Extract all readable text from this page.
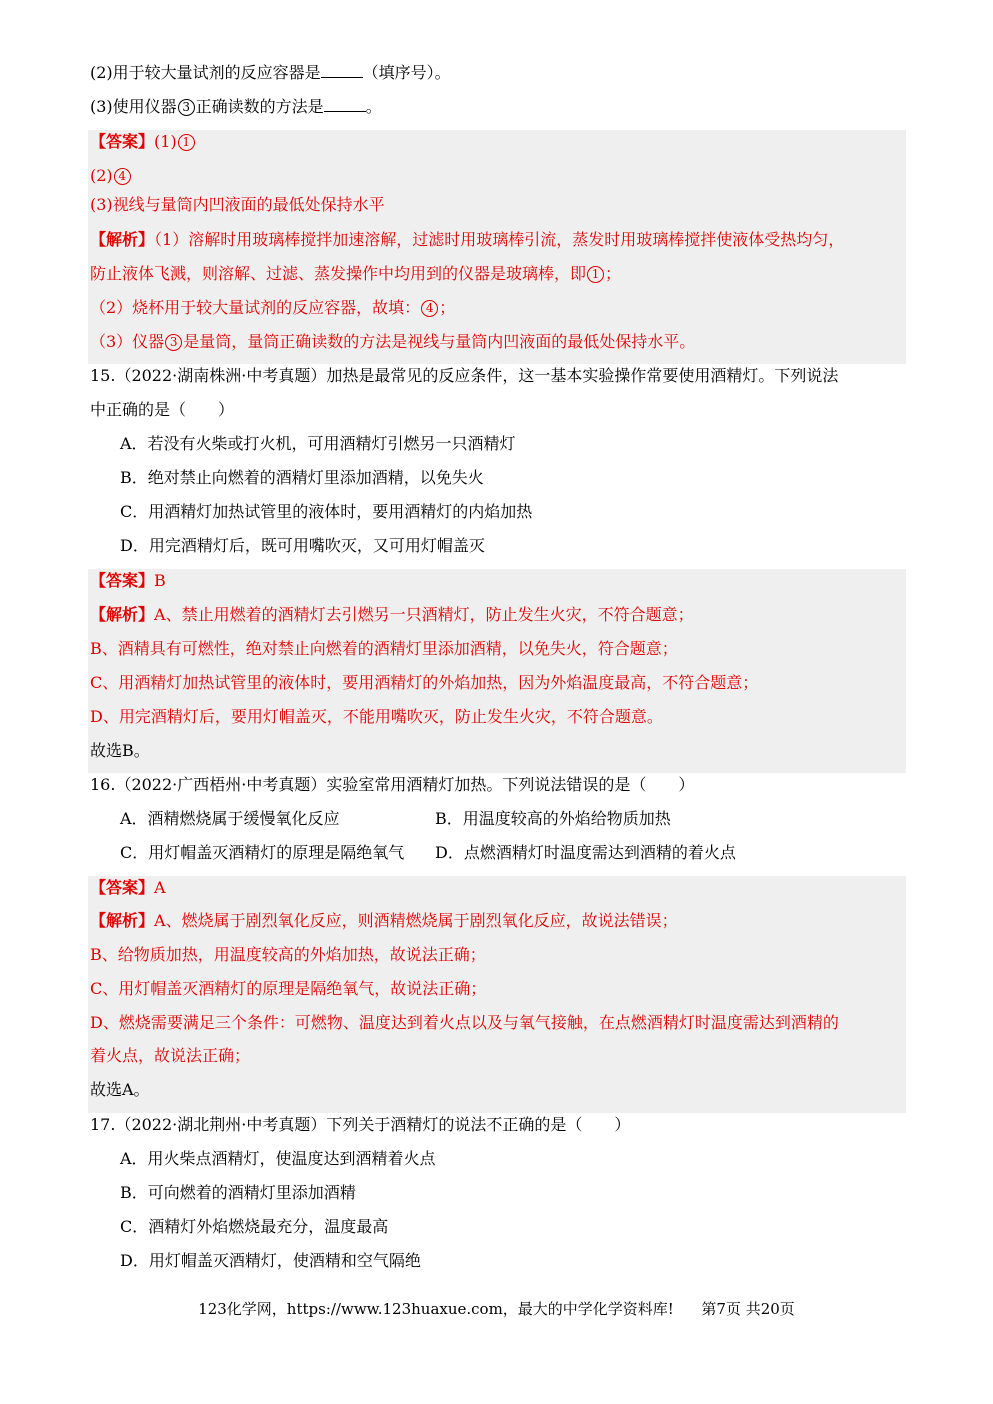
(2)用于较大量试剂的反应容器是	（填序号）。
(3)使用仪器 3 正确读数的方法是	。
【答案】(1) 1
(2) 4
(3)视线与量筒内凹液面的最低处保持水平
【解析】（1）溶解时用玻璃棒搅拌加速溶解，过滤时用玻璃棒引流，蒸发时用玻璃棒搅拌使液体受热均匀，
防止液体飞溅，则溶解、过滤、蒸发操作中均用到的仪器是玻璃棒，即 1 ；
（2）烧杯用于较大量试剂的反应容器，故填： 4 ；
（3）仪器 3 是量筒，量筒正确读数的方法是视线与量筒内凹液面的最低处保持水平。
15.（2022·湖南株洲·中考真题）加热是最常见的反应条件，这一基本实验操作常要使用酒精灯。下列说法
中正确的是（　　）
A．若没有火柴或打火机，可用酒精灯引燃另一只酒精灯
B．绝对禁止向燃着的酒精灯里添加酒精，以免失火
C．用酒精灯加热试管里的液体时，要用酒精灯的内焰加热
D．用完酒精灯后，既可用嘴吹灭，又可用灯帽盖灭
【答案】B
【解析】A、禁止用燃着的酒精灯去引燃另一只酒精灯，防止发生火灾，不符合题意；
B、酒精具有可燃性，绝对禁止向燃着的酒精灯里添加酒精，以免失火，符合题意；
C、用酒精灯加热试管里的液体时，要用酒精灯的外焰加热，因为外焰温度最高，不符合题意；
D、用完酒精灯后，要用灯帽盖灭，不能用嘴吹灭，防止发生火灾，不符合题意。
故选B。
16.（2022·广西梧州·中考真题）实验室常用酒精灯加热。下列说法错误的是（　　）
A．酒精燃烧属于缓慢氧化反应	B．用温度较高的外焰给物质加热
C．用灯帽盖灭酒精灯的原理是隔绝氧气 D．点燃酒精灯时温度需达到酒精的着火点
【答案】A
【解析】A、燃烧属于剧烈氧化反应，则酒精燃烧属于剧烈氧化反应，故说法错误；
B、给物质加热，用温度较高的外焰加热，故说法正确；
C、用灯帽盖灭酒精灯的原理是隔绝氧气，故说法正确；
D、燃烧需要满足三个条件：可燃物、温度达到着火点以及与氧气接触，在点燃酒精灯时温度需达到酒精的
着火点，故说法正确；
故选A。
17.（2022·湖北荆州·中考真题）下列关于酒精灯的说法不正确的是（　　）
A．用火柴点酒精灯，使温度达到酒精着火点
B．可向燃着的酒精灯里添加酒精
C．酒精灯外焰燃烧最充分，温度最高
D．用灯帽盖灭酒精灯，使酒精和空气隔绝
123化学网，https://www.123huaxue.com，最大的中学化学资料库! 第7页 共20页
